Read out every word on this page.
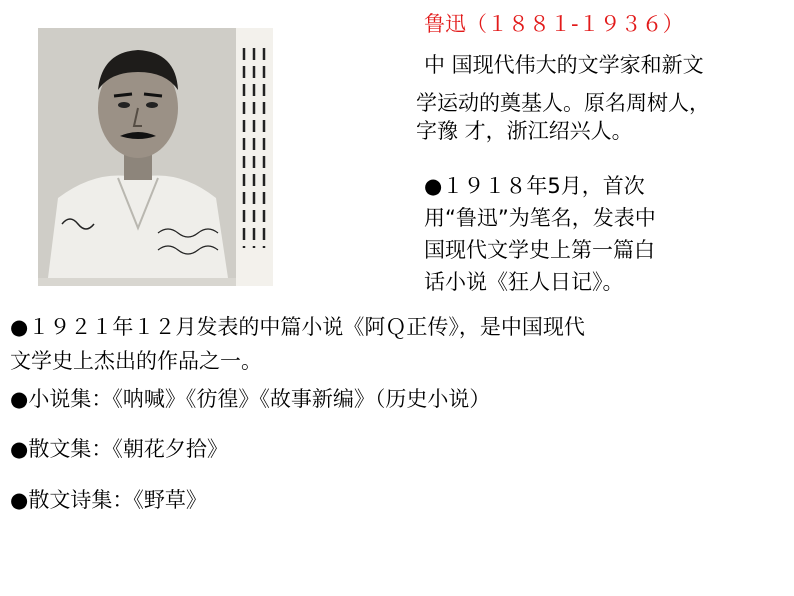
鲁迅（１８８１-１９３６）
中 国现代伟大的文学家和新文
学运动的奠基人。原名周树人，
字豫 才，浙江绍兴人。
●１９１８年5月，首次
用“鲁迅”为笔名，发表中
国现代文学史上第一篇白
话小说《狂人日记》。
●１９２１年１２月发表的中篇小说《阿Ｑ正传》，是中国现代
文学史上杰出的作品之一。
●小说集：《呐喊》《彷徨》《故事新编》（历史小说）
●散文集：《朝花夕拾》
●散文诗集：《野草》
